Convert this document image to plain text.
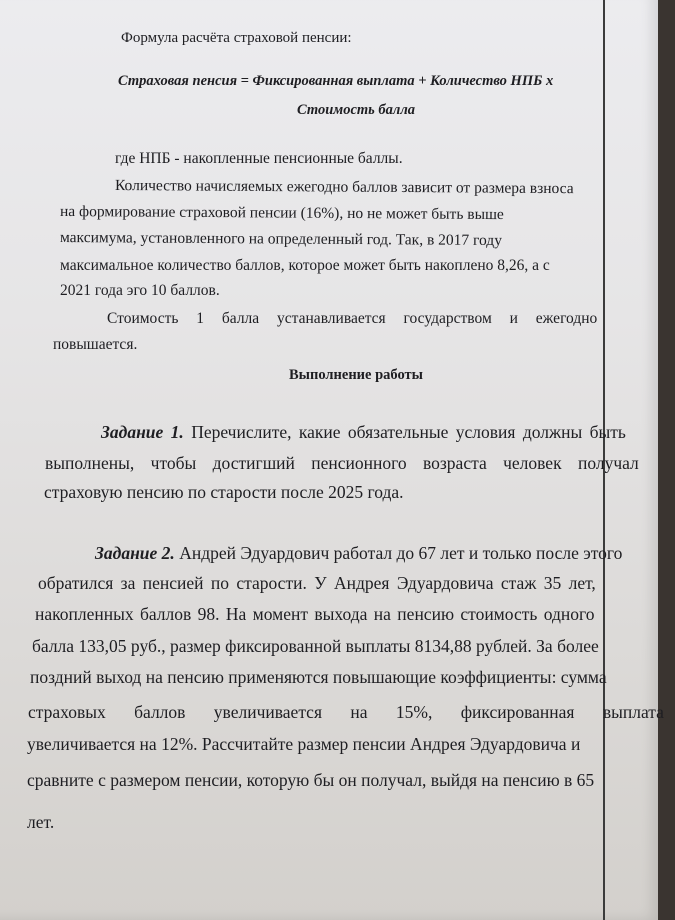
Формула расчёта страховой пенсии:
Страховая пенсия = Фиксированная выплата + Количество НПБ х
Стоимость балла
где НПБ - накопленные пенсионные баллы.
Количество начисляемых ежегодно баллов зависит от размера взноса
на формирование страховой пенсии (16%), но не может быть выше
максимума, установленного на определенный год. Так, в 2017 году
максимальное количество баллов, которое может быть накоплено 8,26, а с
2021 года эго 10 баллов.
Стоимость 1 балла устанавливается государством и ежегодно
повышается.
Выполнение работы
Задание 1. Перечислите, какие обязательные условия должны быть
выполнены, чтобы достигший пенсионного возраста человек получал
страховую пенсию по старости после 2025 года.
Задание 2. Андрей Эдуардович работал до 67 лет и только после этого
обратился за пенсией по старости. У Андрея Эдуардовича стаж 35 лет,
накопленных баллов 98. На момент выхода на пенсию стоимость одного
балла 133,05 руб., размер фиксированной выплаты 8134,88 рублей. За более
поздний выход на пенсию применяются повышающие коэффициенты: сумма
страховых баллов увеличивается на 15%, фиксированная выплата
увеличивается на 12%. Рассчитайте размер пенсии Андрея Эдуардовича и
сравните с размером пенсии, которую бы он получал, выйдя на пенсию в 65
лет.
